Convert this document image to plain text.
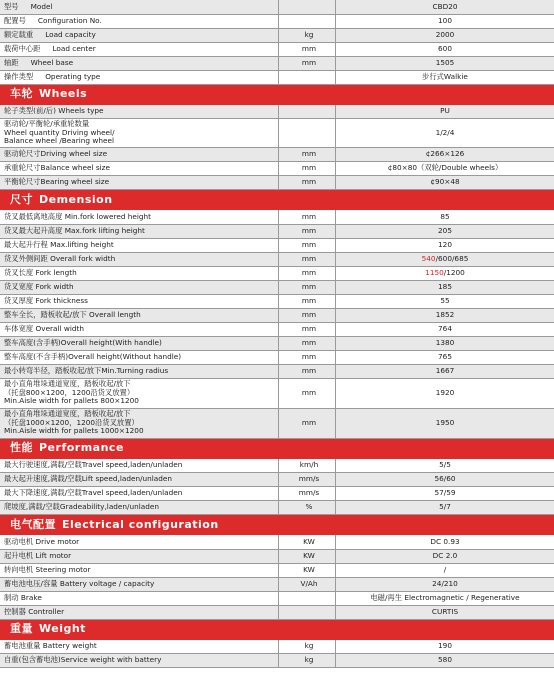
型号 Model		CBD20
配置号 Configuration No.		100
额定载重 Load capacity	kg	2000
载荷中心距 Load center	mm	600
轴距 Wheel base	mm	1505
操作类型 Operating type		步行式Walkie
车轮 Wheels		
轮子类型(前/后) Wheels type		PU

驱动轮/平衡轮/承重轮数量
Wheel quantity Driving wheel/
Balance wheel /Bearing wheel		1/2/4
驱动轮尺寸Driving wheel size	mm	¢266×126
承重轮尺寸Balance wheel size	mm	¢80×80（双轮/Double wheels）
平衡轮尺寸Bearing wheel size	mm	¢90×48
尺寸 Demension		
货叉最低离地高度 Min.fork lowered height	mm	85
货叉最大起升高度 Max.fork lifting height	mm	205
最大起升行程 Max.lifting height	mm	120
货叉外侧间距 Overall fork width	mm	540/600/685
货叉长度 Fork length	mm	1150/1200
货叉宽度 Fork width	mm	185
货叉厚度 Fork thickness	mm	55
整车全长，踏板收起/放下 Overall length	mm	1852
车体宽度 Overall width	mm	764
整车高度(含手柄)Overall height(With handle)	mm	1380
整车高度(不含手柄)Overall height(Without handle)	mm	765
最小转弯半径，踏板收起/放下Min.Turning radius	mm	1667

最小直角堆垛通道宽度，踏板收起/放下
（托盘800×1200，1200沿货叉放置）
Min.Aisle width for pallets 800×1200	mm	1920

最小直角堆垛通道宽度，踏板收起/放下
（托盘1000×1200，1200沿货叉放置）
Min.Aisle width for pallets 1000×1200	mm	1950
性能 Performance		
最大行驶速度,满载/空载Travel speed,laden/unladen	km/h	5/5
最大起升速度,满载/空载Lift speed,laden/unladen	mm/s	56/60
最大下降速度,满载/空载Travel speed,laden/unladen	mm/s	57/59
爬坡度,满载/空载Gradeability,laden/unladen	%	5/7
电气配置 Electrical configuration		
驱动电机 Drive motor	KW	DC 0.93
起升电机 Lift motor	KW	DC 2.0
转向电机 Steering motor	KW	/
蓄电池电压/容量 Battery voltage / capacity	V/Ah	24/210
制动 Brake		电磁/再生 Electromagnetic / Regenerative
控制器 Controller		CURTIS
重量 Weight		
蓄电池重量 Battery weight	kg	190
自重(包含蓄电池)Service weight with battery	kg	580
